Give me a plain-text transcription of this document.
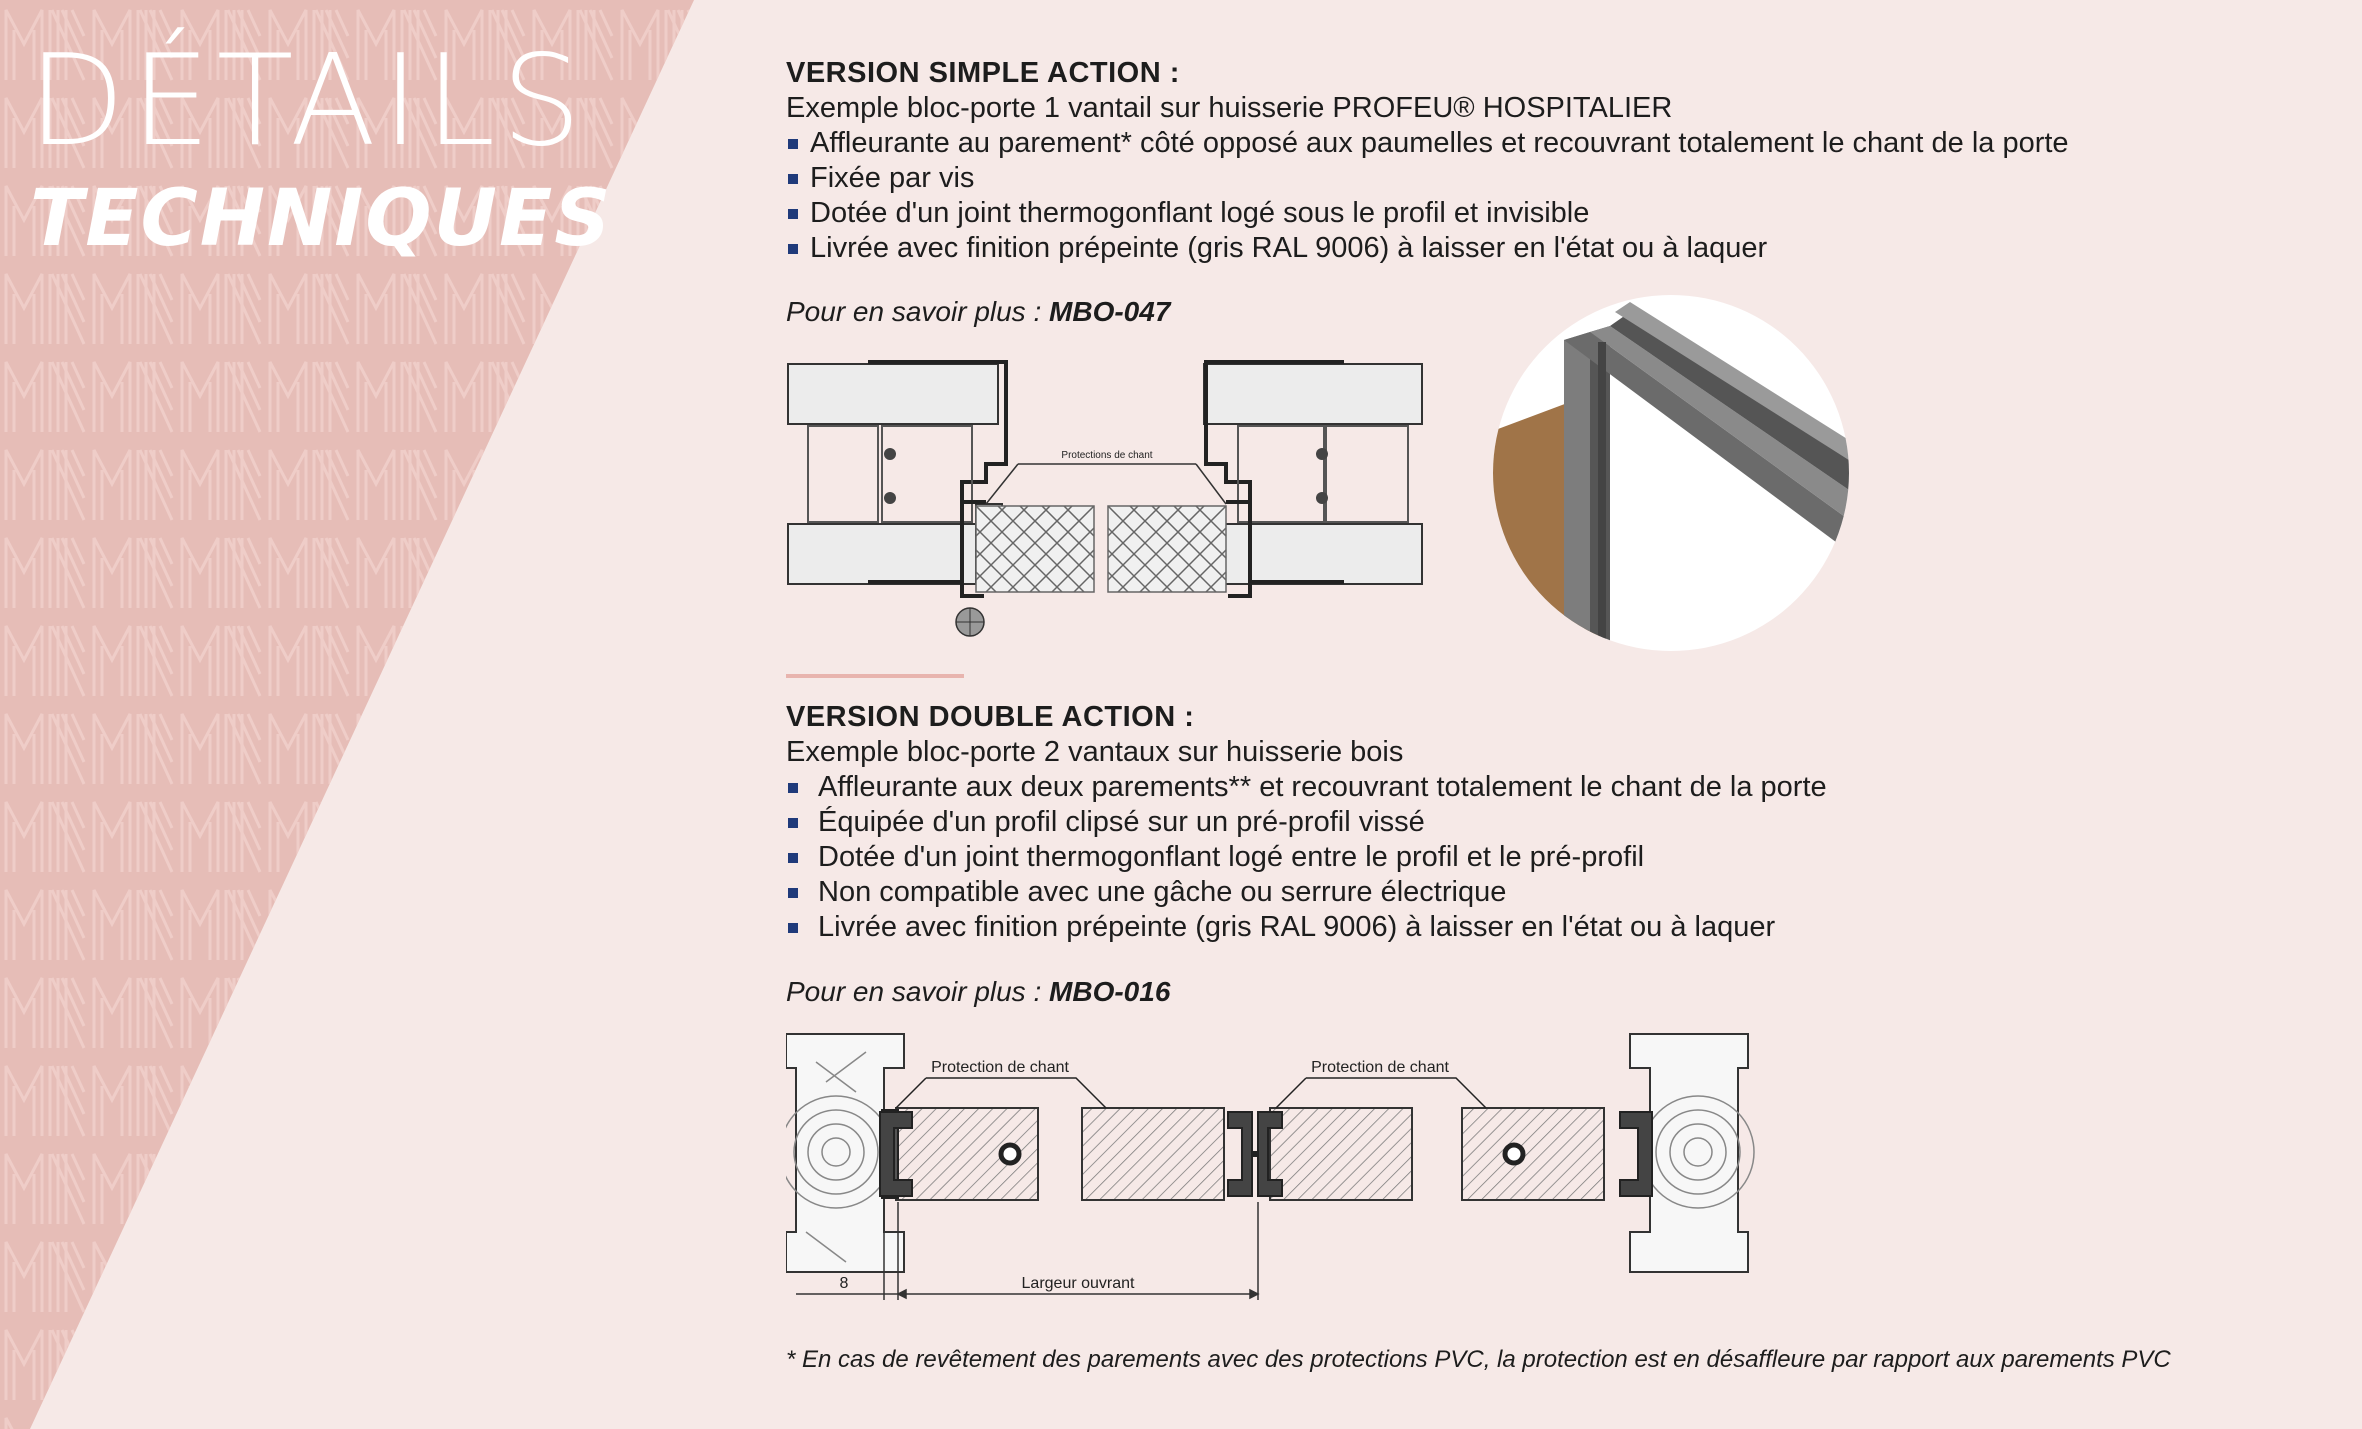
DÉTAILS
TECHNIQUES
VERSION SIMPLE ACTION :

Exemple bloc-porte 1 vantail sur huisserie PROFEU® HOSPITALIER

Affleurante au parement* côté opposé aux paumelles et recouvrant totalement le chant de la porte
Fixée par vis
Dotée d'un joint thermogonflant logé sous le profil et invisible
Livrée avec finition prépeinte (gris RAL 9006) à laisser en l'état ou à laquer
Pour en savoir plus : MBO-047
Protections de chant
VERSION DOUBLE ACTION :

Exemple bloc-porte 2 vantaux sur huisserie bois

Affleurante aux deux parements** et recouvrant totalement le chant de la porte
Équipée d'un profil clipsé sur un pré-profil vissé
Dotée d'un joint thermogonflant logé entre le profil et le pré-profil
Non compatible avec une gâche ou serrure électrique
Livrée avec finition prépeinte (gris RAL 9006) à laisser en l'état ou à laquer
Pour en savoir plus : MBO-016
Protection de chant	Protection de chant
8	Largeur ouvrant
* En cas de revêtement des parements avec des protections PVC, la protection est en désaffleure par rapport aux parements PVC
